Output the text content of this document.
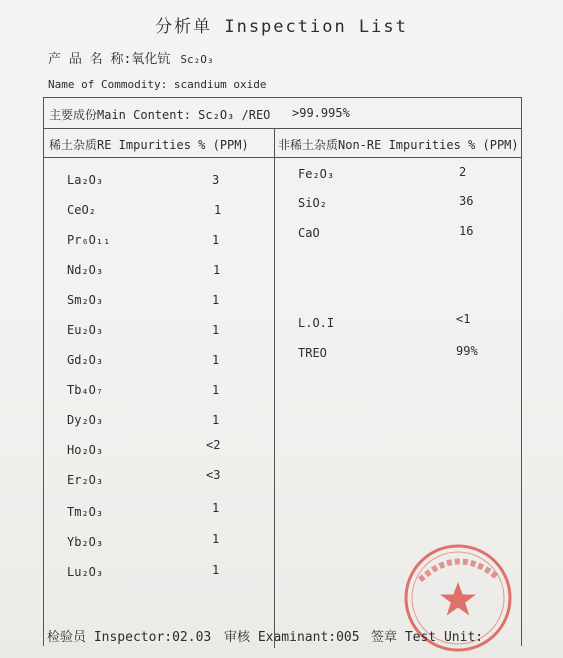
分析单 Inspection List
产 品 名 称:氧化钪 Sc₂O₃
Name of Commodity: scandium oxide
主要成份Main Content: Sc₂O₃ /REO >99.995%
稀土杂质RE Impurities % (PPM) 非稀土杂质Non-RE Impurities % (PPM)
La₂O₃	3
CeO₂	1
Pr₆O₁₁	1
Nd₂O₃	1
Sm₂O₃	1
Eu₂O₃	1
Gd₂O₃	1
Tb₄O₇	1
Dy₂O₃	1
Ho₂O₃	<2
Er₂O₃	<3
Tm₂O₃	1
Yb₂O₃	1
Lu₂O₃	1
Fe₂O₃	2
SiO₂	36
CaO	16
L.O.I	<1
TREO	99%
检验员 Inspector:02.03 审核 Examinant:005 签章 Test Unit:
